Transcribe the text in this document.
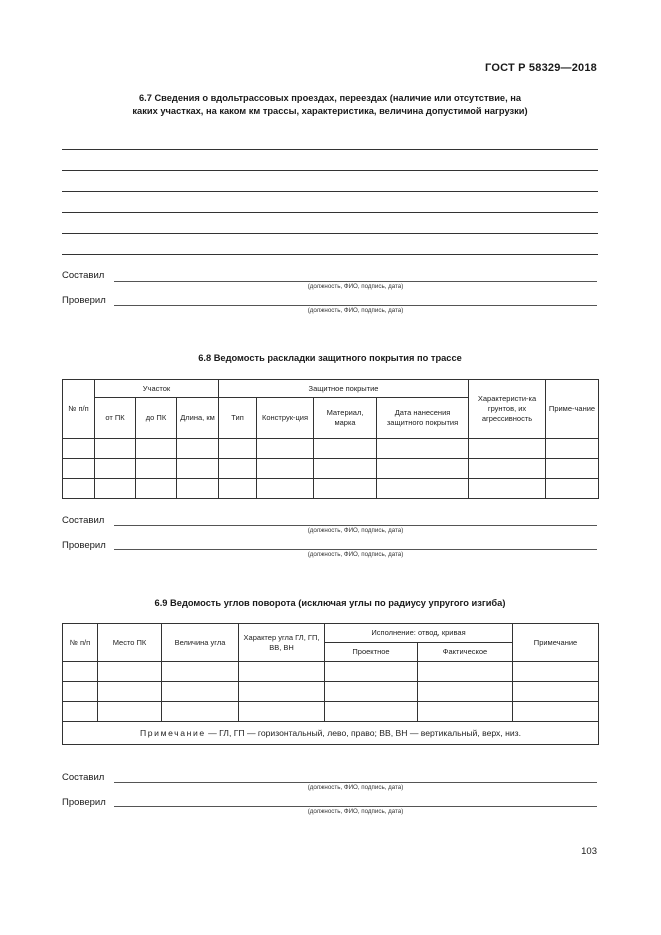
ГОСТ Р 58329—2018
6.7 Сведения о вдольтрассовых проездах, переездах (наличие или отсутствие, на
каких участках, на каком км трассы, характеристика, величина допустимой нагрузки)
Составил
(должность, ФИО, подпись, дата)
Проверил
(должность, ФИО, подпись, дата)
6.8 Ведомость раскладки защитного покрытия по трассе
№ п/п	Участок			Защитное покрытие				Характеристи-ка грунтов, их агрессивность	Приме-чание
	от ПК	до ПК	Длина, км	Тип	Конструк-ция	Материал, марка	Дата нанесения защитного покрытия		

Составил
(должность, ФИО, подпись, дата)
Проверил
(должность, ФИО, подпись, дата)
6.9 Ведомость углов поворота (исключая углы по радиусу упругого изгиба)
№ п/п	Место ПК	Величина угла	Характер угла ГЛ, ГП, ВВ, ВН	Исполнение: отвод, кривая		Примечание
				Проектное	Фактическое	

Примечание — ГЛ, ГП — горизонтальный, лево, право; ВВ, ВН — вертикальный, верх, низ.						
Составил
(должность, ФИО, подпись, дата)
Проверил
(должность, ФИО, подпись, дата)
103
